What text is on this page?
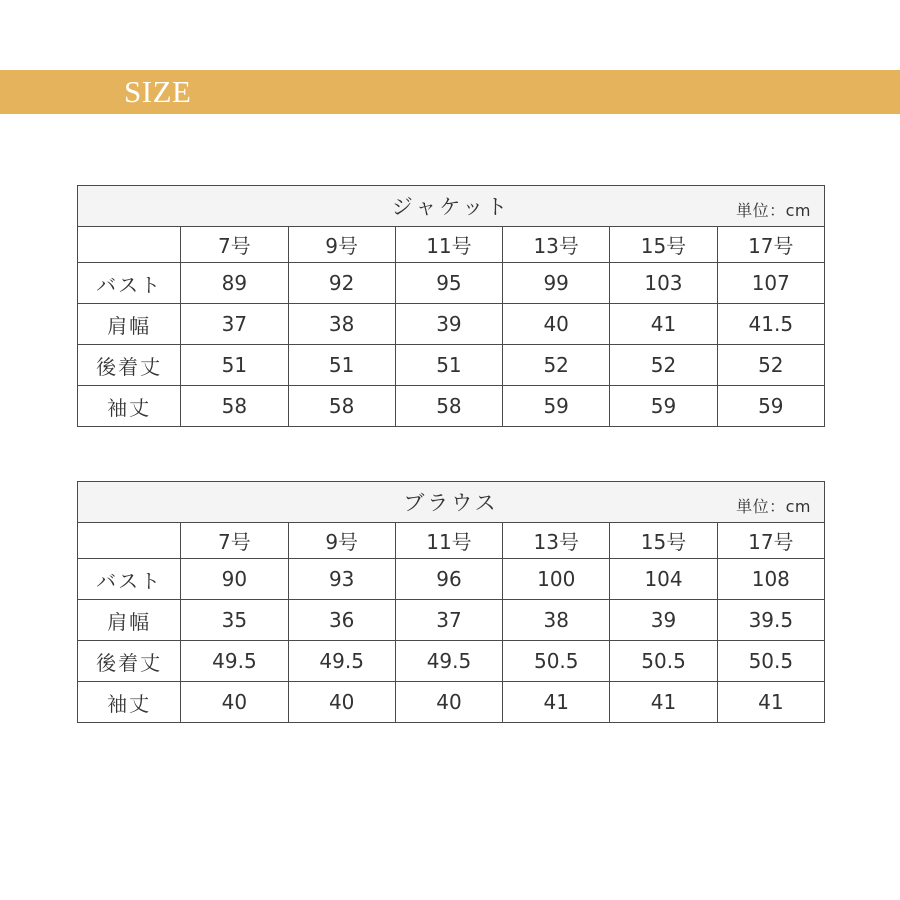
SIZE
ジャケット 単位：cm						

	7号	9号	11号	13号	15号	17号
バスト	89	92	95	99	103	107
肩幅	37	38	39	40	41	41.5
後着丈	51	51	51	52	52	52
袖丈	58	58	58	59	59	59
ブラウス 単位：cm						

	7号	9号	11号	13号	15号	17号
バスト	90	93	96	100	104	108
肩幅	35	36	37	38	39	39.5
後着丈	49.5	49.5	49.5	50.5	50.5	50.5
袖丈	40	40	40	41	41	41
